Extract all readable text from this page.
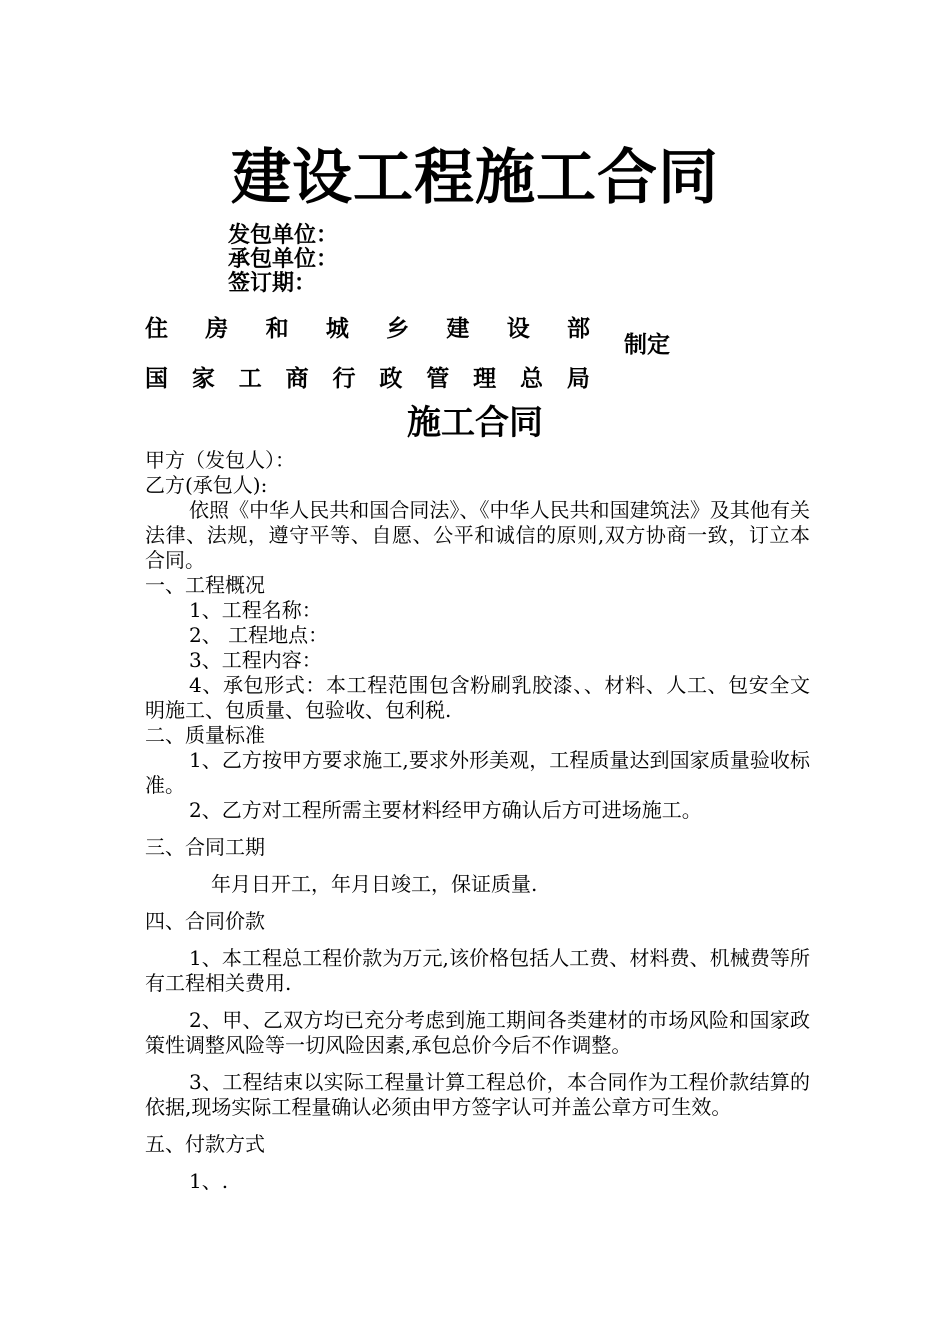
建设工程施工合同
发包单位：
承包单位：
签订期：
住 房 和 城 乡 建 设 部
国 家 工 商 行 政 管 理 总 局
制定
施工合同

甲方（发包人）：

乙方(承包人):

依照《中华人民共和国合同法》、《中华人民共和国建筑法》及其他有关法律、法规，遵守平等、自愿、公平和诚信的原则,双方协商一致，订立本合同。

一、工程概况

1、工程名称：

2、 工程地点：

3、工程内容：

4、承包形式：本工程范围包含粉刷乳胶漆、、材料、人工、包安全文明施工、包质量、包验收、包利税.

二、质量标准

1、乙方按甲方要求施工,要求外形美观，工程质量达到国家质量验收标准。

2、乙方对工程所需主要材料经甲方确认后方可进场施工。

三、合同工期

年月日开工，年月日竣工，保证质量.

四、合同价款

1、本工程总工程价款为万元,该价格包括人工费、材料费、机械费等所有工程相关费用.

2、甲、乙双方均已充分考虑到施工期间各类建材的市场风险和国家政策性调整风险等一切风险因素,承包总价今后不作调整。

3、工程结束以实际工程量计算工程总价，本合同作为工程价款结算的依据,现场实际工程量确认必须由甲方签字认可并盖公章方可生效。

五、付款方式

1、.
